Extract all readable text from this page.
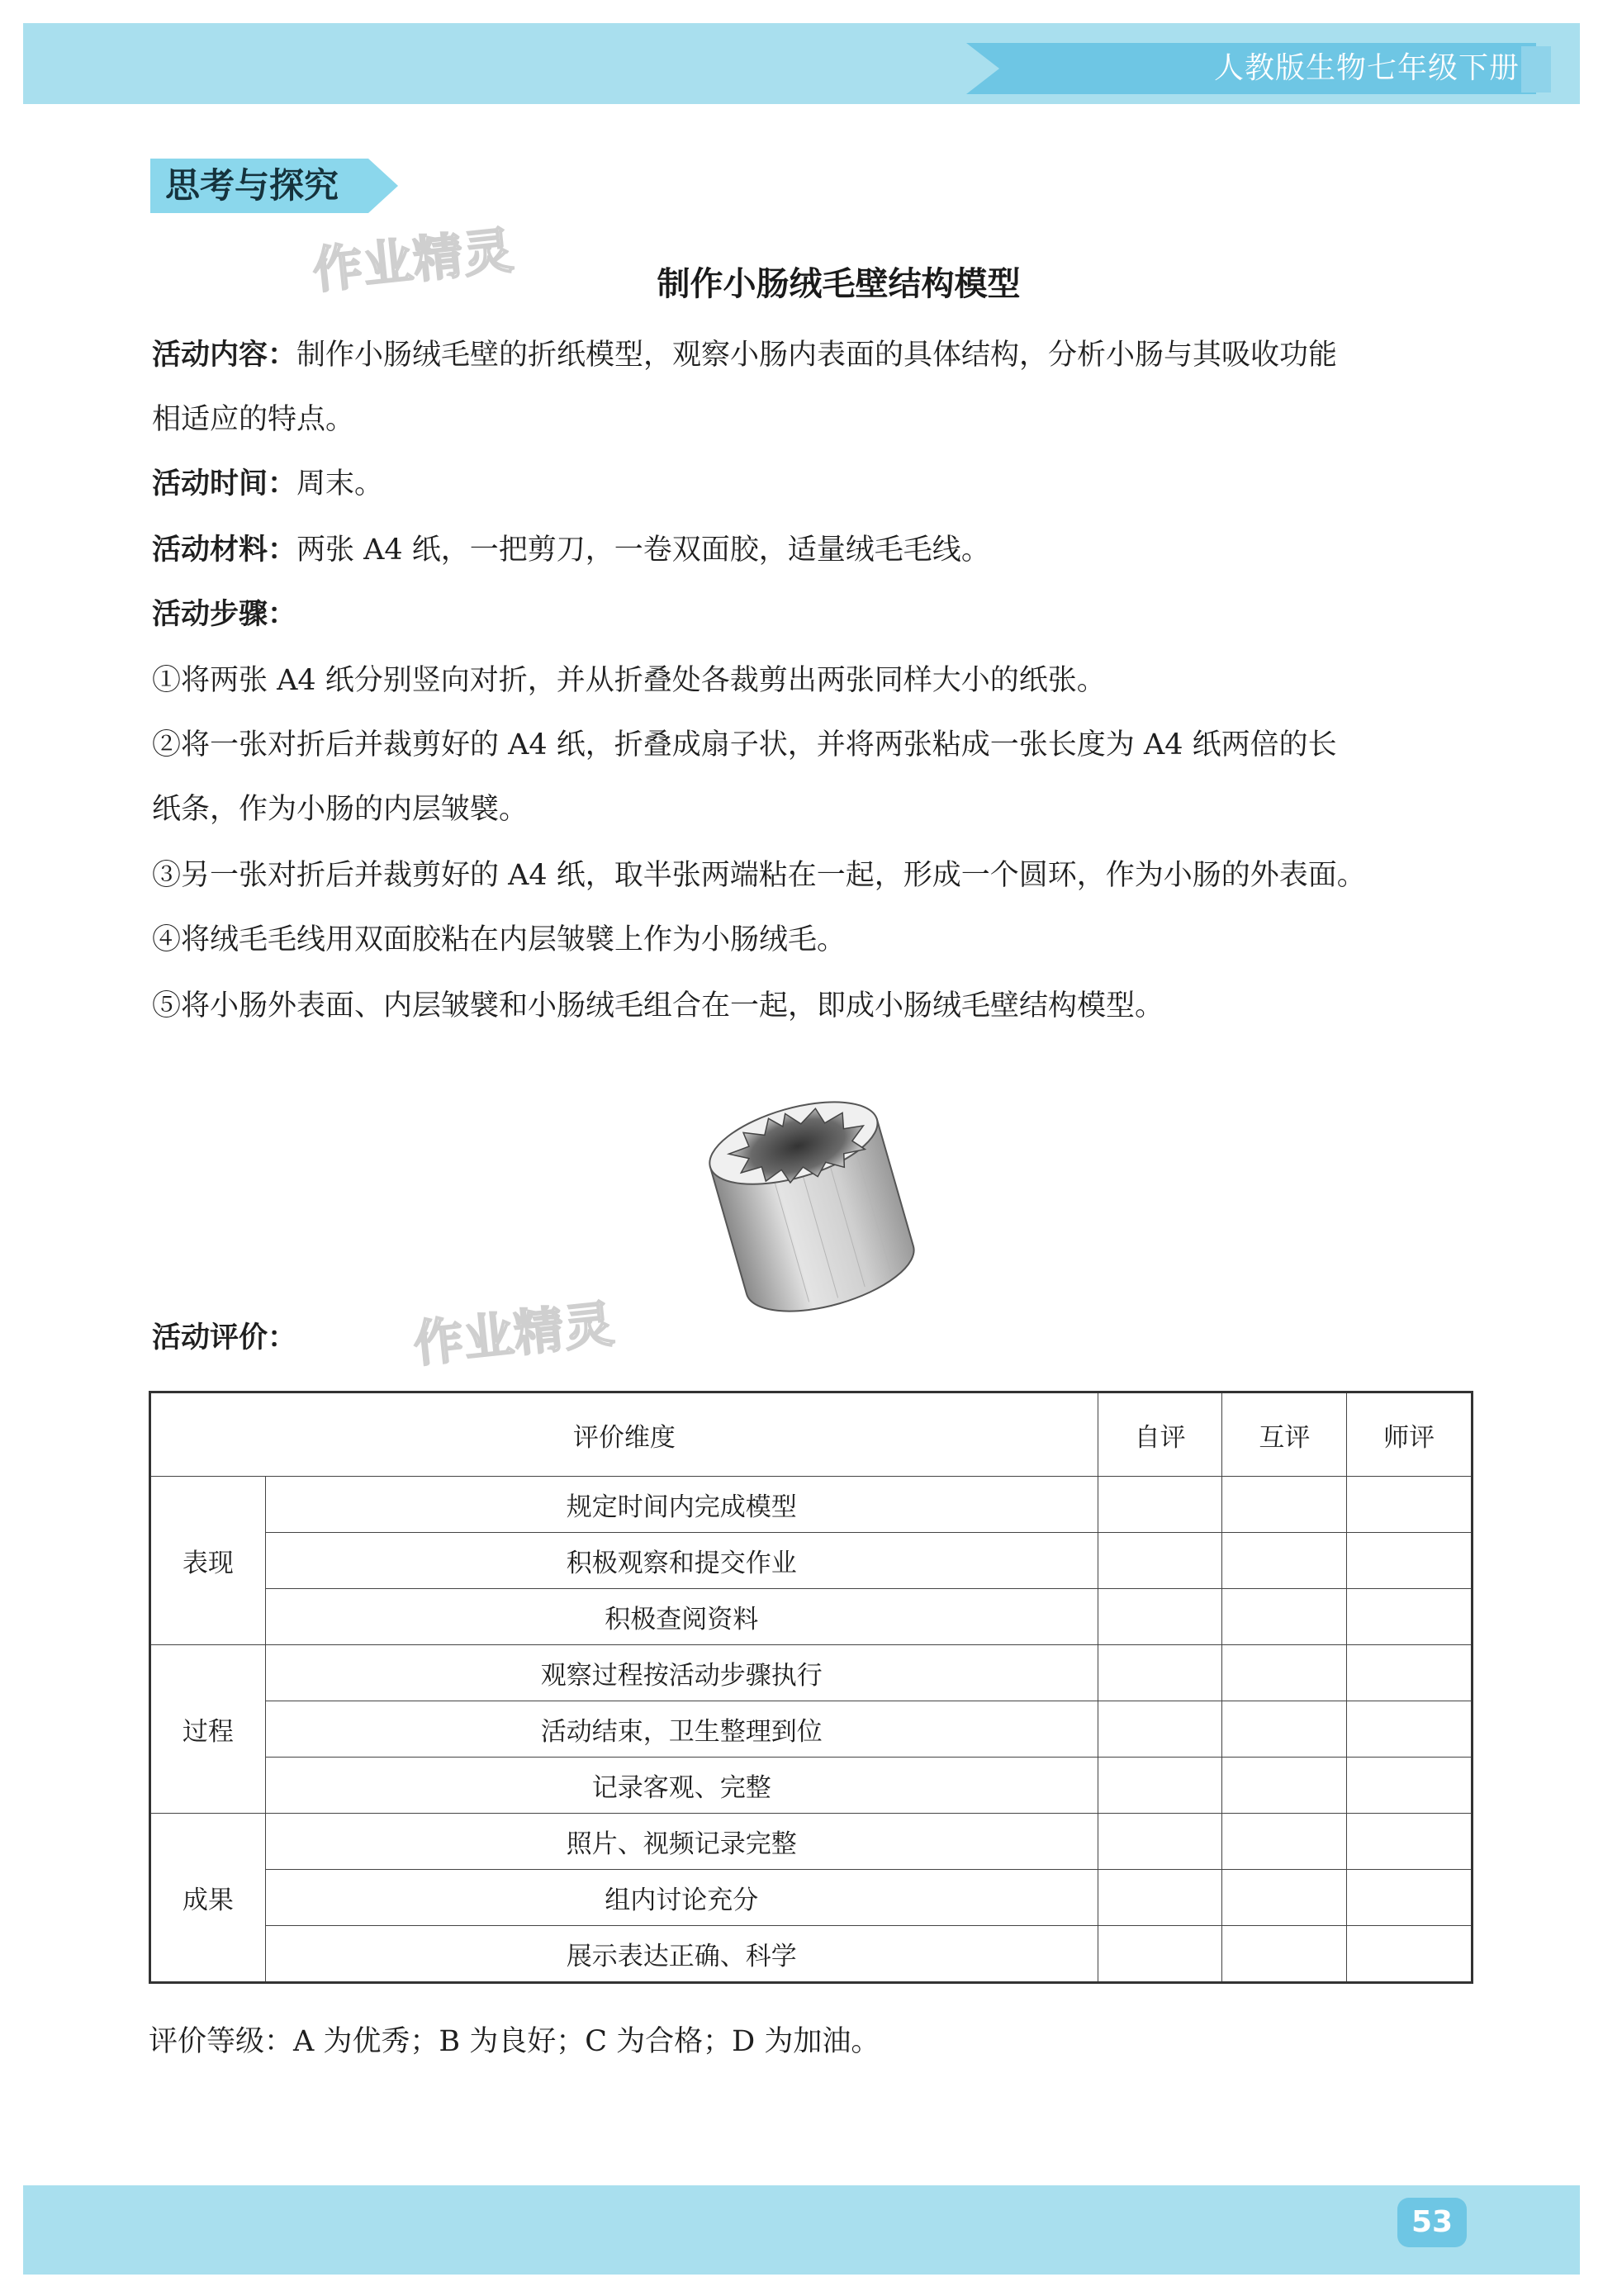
人教版生物七年级下册
思考与探究
作业精灵
作业精灵
制作小肠绒毛壁结构模型
活动内容：制作小肠绒毛壁的折纸模型，观察小肠内表面的具体结构，分析小肠与其吸收功能
相适应的特点。
活动时间：周末。
活动材料：两张 A4 纸，一把剪刀，一卷双面胶，适量绒毛毛线。
活动步骤：
①将两张 A4 纸分别竖向对折，并从折叠处各裁剪出两张同样大小的纸张。
②将一张对折后并裁剪好的 A4 纸，折叠成扇子状，并将两张粘成一张长度为 A4 纸两倍的长
纸条，作为小肠的内层皱襞。
③另一张对折后并裁剪好的 A4 纸，取半张两端粘在一起，形成一个圆环，作为小肠的外表面。
④将绒毛毛线用双面胶粘在内层皱襞上作为小肠绒毛。
⑤将小肠外表面、内层皱襞和小肠绒毛组合在一起，即成小肠绒毛壁结构模型。
活动评价：
评价维度		自评	互评	师评
表现	规定时间内完成模型			
	积极观察和提交作业			
	积极查阅资料			
过程	观察过程按活动步骤执行			
	活动结束，卫生整理到位			
	记录客观、完整			
成果	照片、视频记录完整			
	组内讨论充分			
	展示表达正确、科学			
评价等级：A 为优秀；B 为良好；C 为合格；D 为加油。
53
